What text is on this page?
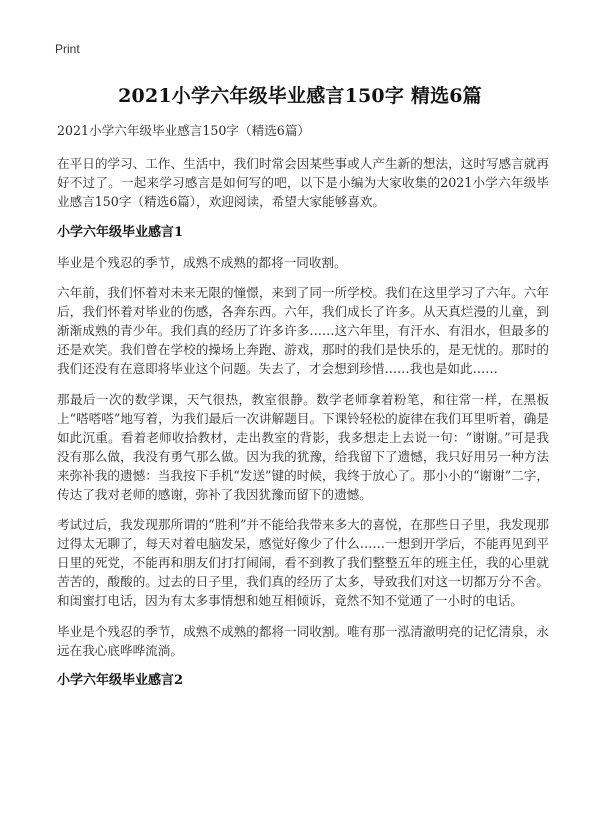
Print
2021小学六年级毕业感言150字 精选6篇

2021小学六年级毕业感言150字（精选6篇）

在平日的学习、工作、生活中，我们时常会因某些事或人产生新的想法，这时写感言就再好不过了。一起来学习感言是如何写的吧，以下是小编为大家收集的2021小学六年级毕业感言150字（精选6篇），欢迎阅读，希望大家能够喜欢。

小学六年级毕业感言1

毕业是个残忍的季节，成熟不成熟的都将一同收割。

六年前，我们怀着对未来无限的憧憬，来到了同一所学校。我们在这里学习了六年。六年后，我们怀着对毕业的伤感，各奔东西。六年，我们成长了许多。从天真烂漫的儿童，到渐渐成熟的青少年。我们真的经历了许多许多……这六年里，有汗水、有泪水，但最多的还是欢笑。我们曾在学校的操场上奔跑、游戏，那时的我们是快乐的，是无忧的。那时的我们还没有在意即将毕业这个问题。失去了，才会想到珍惜……我也是如此……

那最后一次的数学课，天气很热，教室很静。数学老师拿着粉笔，和往常一样，在黑板上“嗒嗒嗒”地写着，为我们最后一次讲解题目。下课铃轻松的旋律在我们耳里听着，确是如此沉重。看着老师收拾教材，走出教室的背影，我多想走上去说一句：“谢谢。”可是我没有那么做，我没有勇气那么做。因为我的犹豫，给我留下了遗憾，我只好用另一种方法来弥补我的遗憾：当我按下手机“发送”键的时候，我终于放心了。那小小的“谢谢”二字，传达了我对老师的感谢，弥补了我因犹豫而留下的遗憾。

考试过后，我发现那所谓的“胜利”并不能给我带来多大的喜悦，在那些日子里，我发现那过得太无聊了，每天对着电脑发呆，感觉好像少了什么……一想到开学后，不能再见到平日里的死党，不能再和朋友们打打闹闹，看不到教了我们整整五年的班主任，我的心里就苦苦的，酸酸的。过去的日子里，我们真的经历了太多，导致我们对这一切都万分不舍。和闺蜜打电话，因为有太多事情想和她互相倾诉，竟然不知不觉通了一小时的电话。

毕业是个残忍的季节，成熟不成熟的都将一同收割。唯有那一泓清澈明亮的记忆清泉，永远在我心底哗哗流淌。

小学六年级毕业感言2
